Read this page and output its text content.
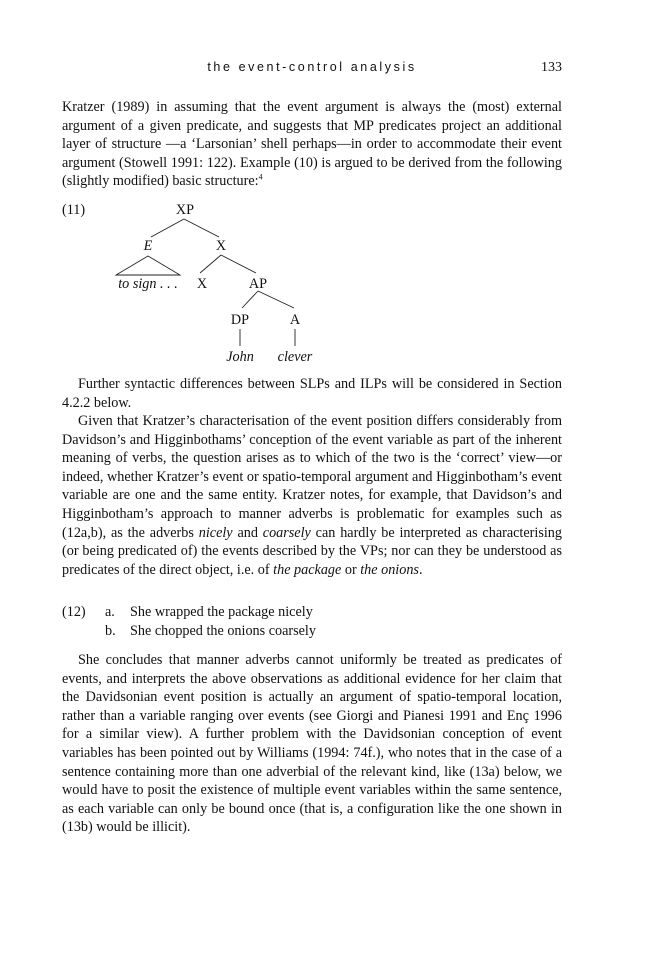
the event-control analysis	133

Kratzer (1989) in assuming that the event argument is always the (most) external argument of a given predicate, and suggests that MP predicates project an additional layer of structure —a ‘Larsonian’ shell perhaps—in order to accommodate their event argument (Stowell 1991: 122). Example (10) is argued to be derived from the following (slightly modified) basic structure:$^4$

(11)	XP
E	X
to sign . . . X	AP
DP	A
John clever

Further syntactic differences between SLPs and ILPs will be considered in Section 4.2.2 below.

Given that Kratzer’s characterisation of the event position differs considerably from Davidson’s and Higginbothams’ conception of the event variable as part of the inherent meaning of verbs, the question arises as to which of the two is the ‘correct’ view—or indeed, whether Kratzer’s event or spatio-temporal argument and Higginbotham’s event variable are one and the same entity. Kratzer notes, for example, that Davidson’s and Higginbotham’s approach to manner adverbs is problematic for examples such as (12a,b), as the adverbs nicely and coarsely can hardly be interpreted as characterising (or being predicated of) the events described by the VPs; nor can they be understood as predicates of the direct object, i.e. of the package or the onions.

(12) a. She wrapped the package nicely
b. She chopped the onions coarsely

She concludes that manner adverbs cannot uniformly be treated as predicates of events, and interprets the above observations as additional evidence for her claim that the Davidsonian event position is actually an argument of spatio-temporal location, rather than a variable ranging over events (see Giorgi and Pianesi 1991 and Enç 1996 for a similar view). A further problem with the Davidsonian conception of event variables has been pointed out by Williams (1994: 74f.), who notes that in the case of a sentence containing more than one adverbial of the relevant kind, like (13a) below, we would have to posit the existence of multiple event variables within the same sentence, as each variable can only be bound once (that is, a configuration like the one shown in (13b) would be illicit).
